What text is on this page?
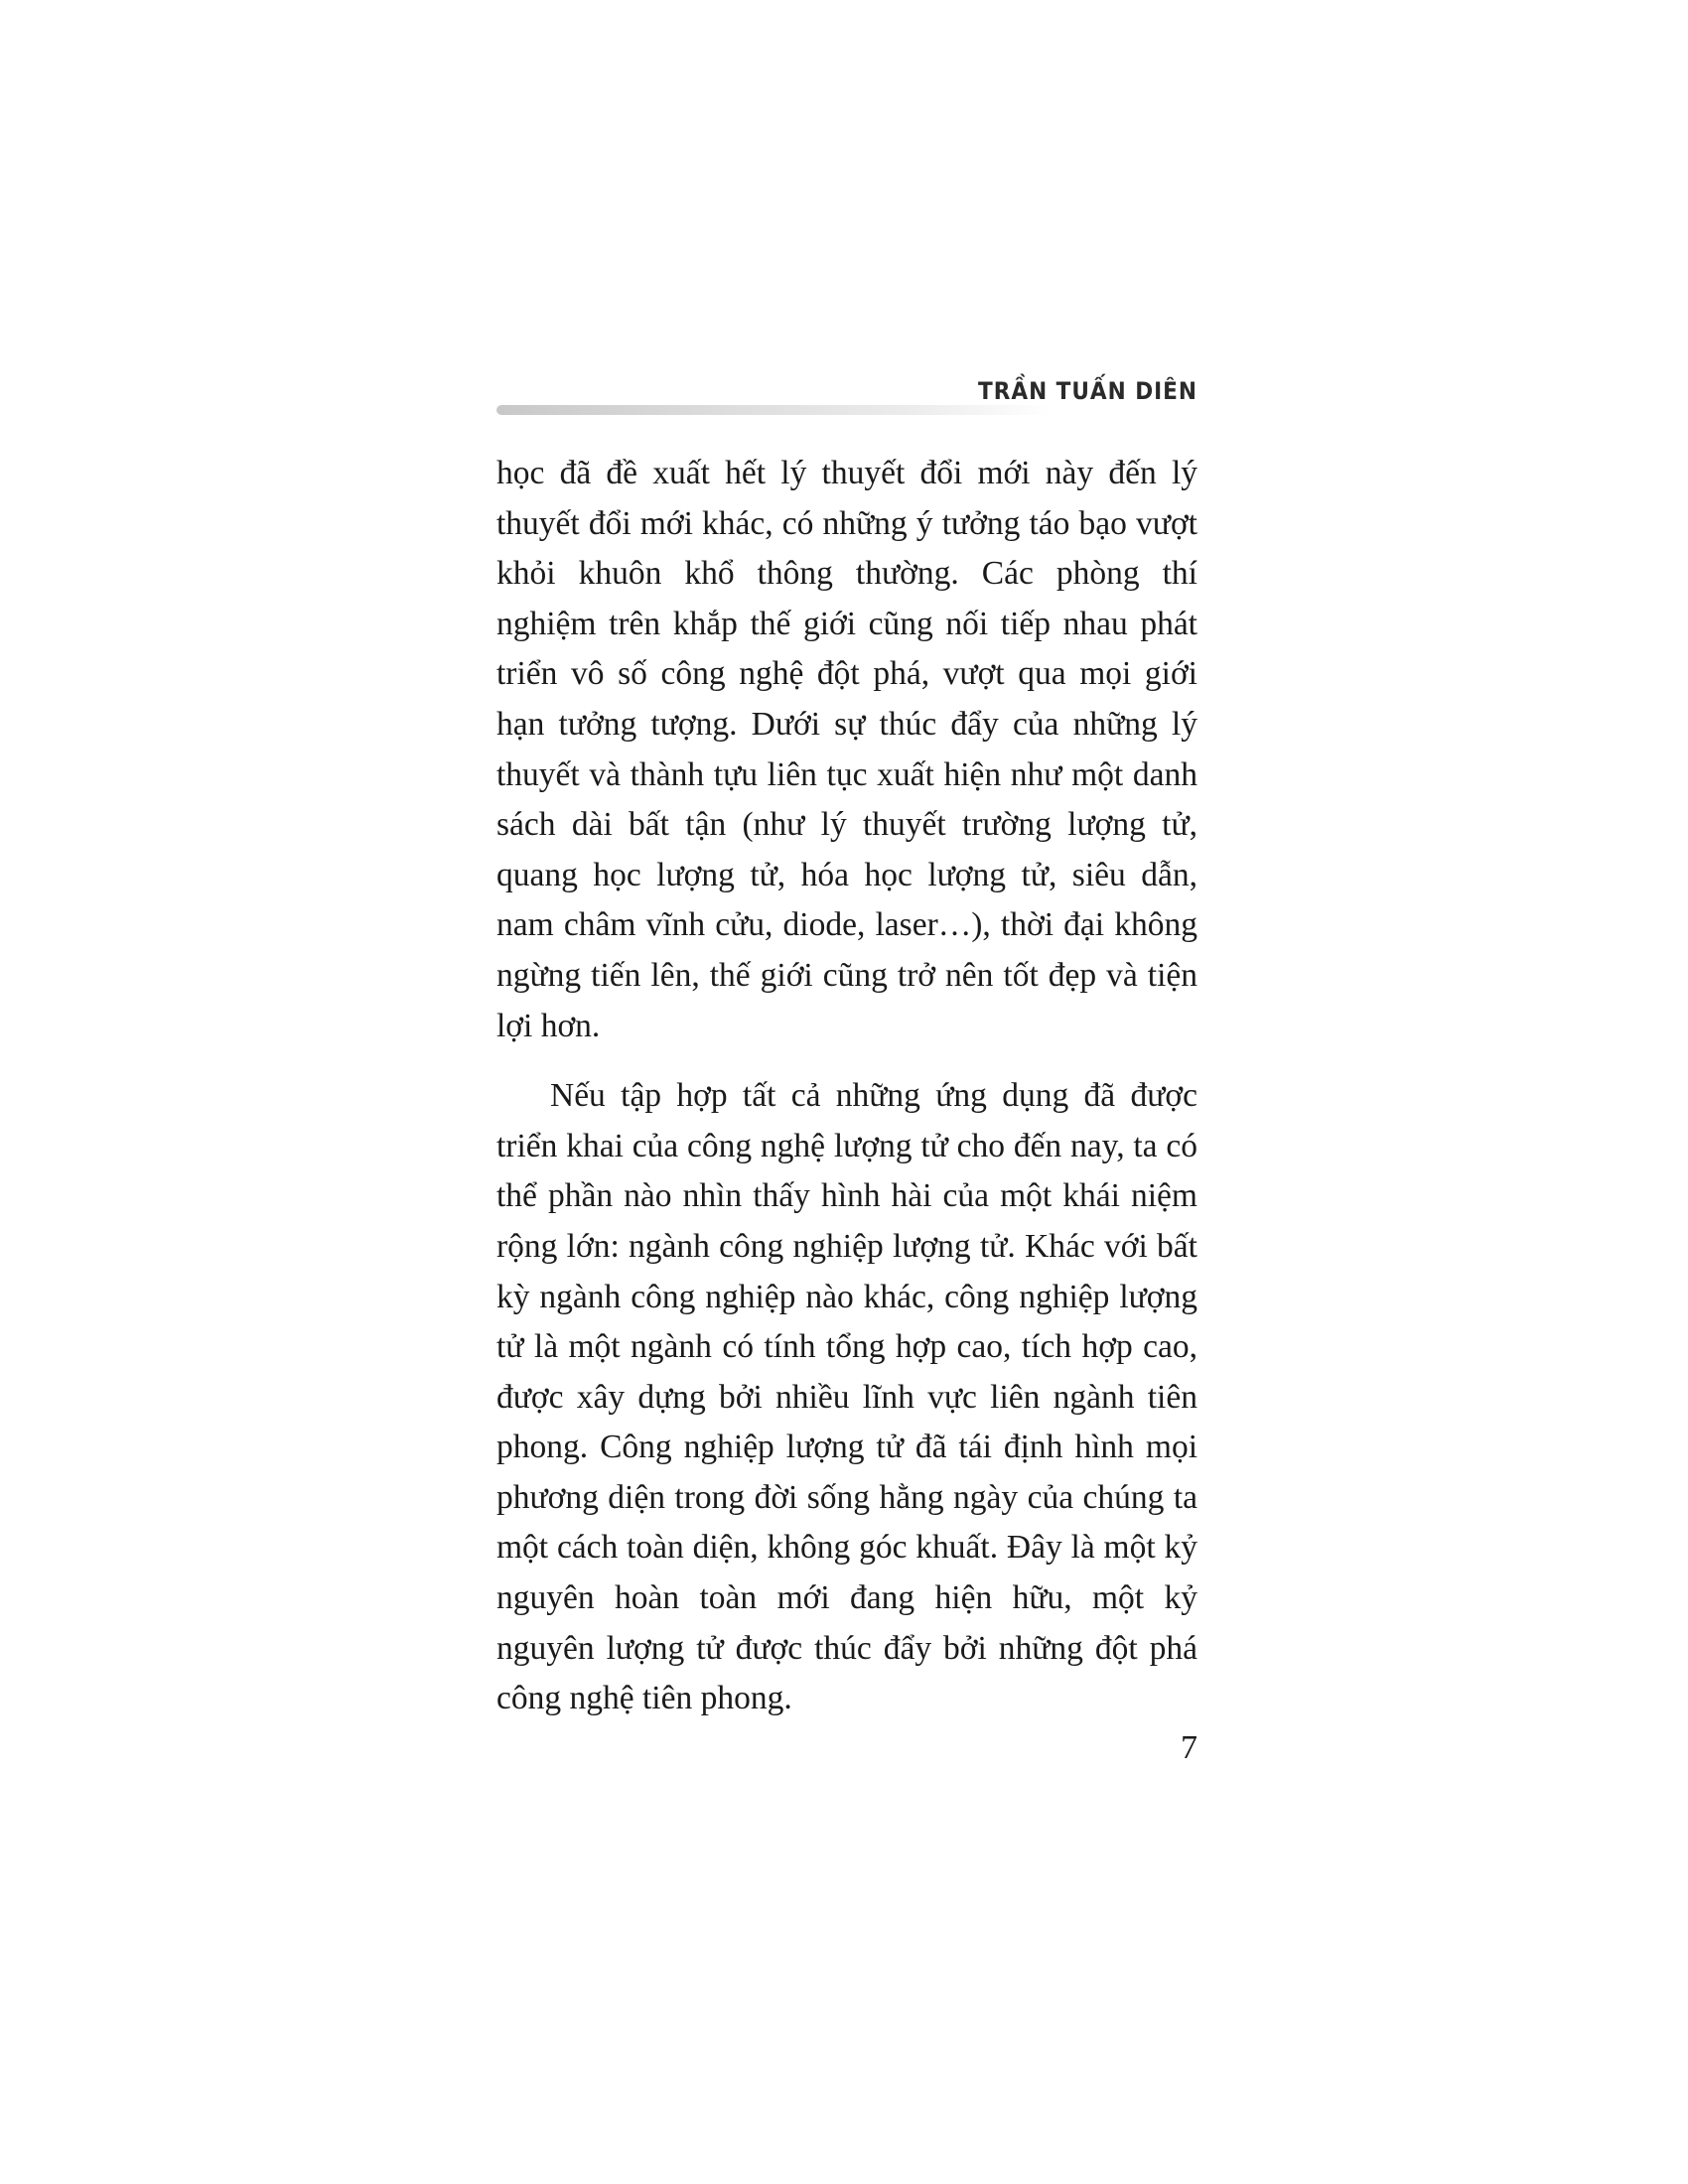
TRẦN TUẤN DIÊN

học đã đề xuất hết lý thuyết đổi mới này đến lý thuyết đổi mới khác, có những ý tưởng táo bạo vượt khỏi khuôn khổ thông thường. Các phòng thí nghiệm trên khắp thế giới cũng nối tiếp nhau phát triển vô số công nghệ đột phá, vượt qua mọi giới hạn tưởng tượng. Dưới sự thúc đẩy của những lý thuyết và thành tựu liên tục xuất hiện như một danh sách dài bất tận (như lý thuyết trường lượng tử, quang học lượng tử, hóa học lượng tử, siêu dẫn, nam châm vĩnh cửu, diode, laser…), thời đại không ngừng tiến lên, thế giới cũng trở nên tốt đẹp và tiện lợi hơn.

Nếu tập hợp tất cả những ứng dụng đã được triển khai của công nghệ lượng tử cho đến nay, ta có thể phần nào nhìn thấy hình hài của một khái niệm rộng lớn: ngành công nghiệp lượng tử. Khác với bất kỳ ngành công nghiệp nào khác, công nghiệp lượng tử là một ngành có tính tổng hợp cao, tích hợp cao, được xây dựng bởi nhiều lĩnh vực liên ngành tiên phong. Công nghiệp lượng tử đã tái định hình mọi phương diện trong đời sống hằng ngày của chúng ta một cách toàn diện, không góc khuất. Đây là một kỷ nguyên hoàn toàn mới đang hiện hữu, một kỷ nguyên lượng tử được thúc đẩy bởi những đột phá công nghệ tiên phong.

7
